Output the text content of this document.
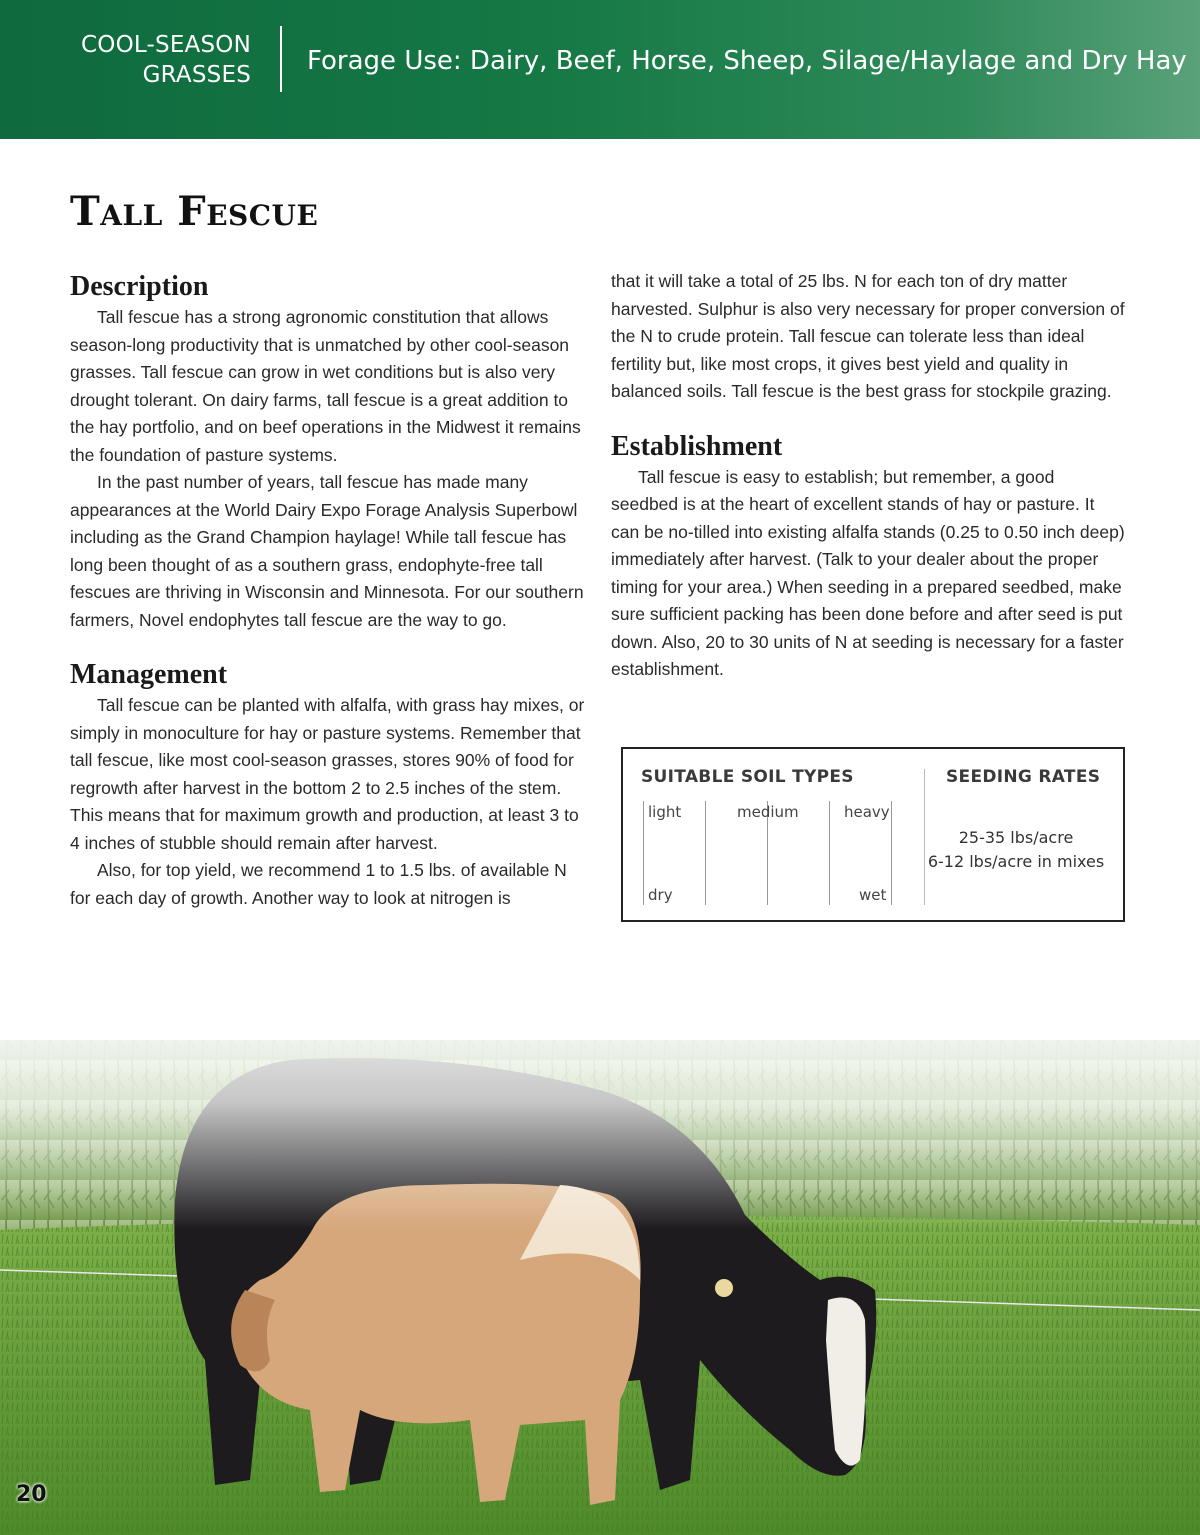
COOL-SEASON
GRASSES Forage Use: Dairy, Beef, Horse, Sheep, Silage/Haylage and Dry Hay
Tall Fescue
Description

Tall fescue has a strong agronomic constitution that allows season-long productivity that is unmatched by other cool-season grasses. Tall fescue can grow in wet conditions but is also very drought tolerant. On dairy farms, tall fescue is a great addition to the hay portfolio, and on beef operations in the Midwest it remains the foundation of pasture systems.

In the past number of years, tall fescue has made many appearances at the World Dairy Expo Forage Analysis Superbowl including as the Grand Champion haylage! While tall fescue has long been thought of as a southern grass, endophyte-free tall fescues are thriving in Wisconsin and Minnesota. For our southern farmers, Novel endophytes tall fescue are the way to go.

Management

Tall fescue can be planted with alfalfa, with grass hay mixes, or simply in monoculture for hay or pasture systems. Remember that tall fescue, like most cool-season grasses, stores 90% of food for regrowth after harvest in the bottom 2 to 2.5 inches of the stem. This means that for maximum growth and production, at least 3 to 4 inches of stubble should remain after harvest.

Also, for top yield, we recommend 1 to 1.5 lbs. of available N for each day of growth. Another way to look at nitrogen is

that it will take a total of 25 lbs. N for each ton of dry matter harvested. Sulphur is also very necessary for proper conversion of the N to crude protein. Tall fescue can tolerate less than ideal fertility but, like most crops, it gives best yield and quality in balanced soils. Tall fescue is the best grass for stockpile grazing.

Establishment

Tall fescue is easy to establish; but remember, a good seedbed is at the heart of excellent stands of hay or pasture. It can be no-tilled into existing alfalfa stands (0.25 to 0.50 inch deep) immediately after harvest. (Talk to your dealer about the proper timing for your area.) When seeding in a prepared seedbed, make sure sufficient packing has been done before and after seed is put down. Also, 20 to 30 units of N at seeding is necessary for a faster establishment.

SUITABLE SOIL TYPES	SEEDING RATES
light	medium	heavy
dry	wet
25-35 lbs/acre
6-12 lbs/acre in mixes
20
